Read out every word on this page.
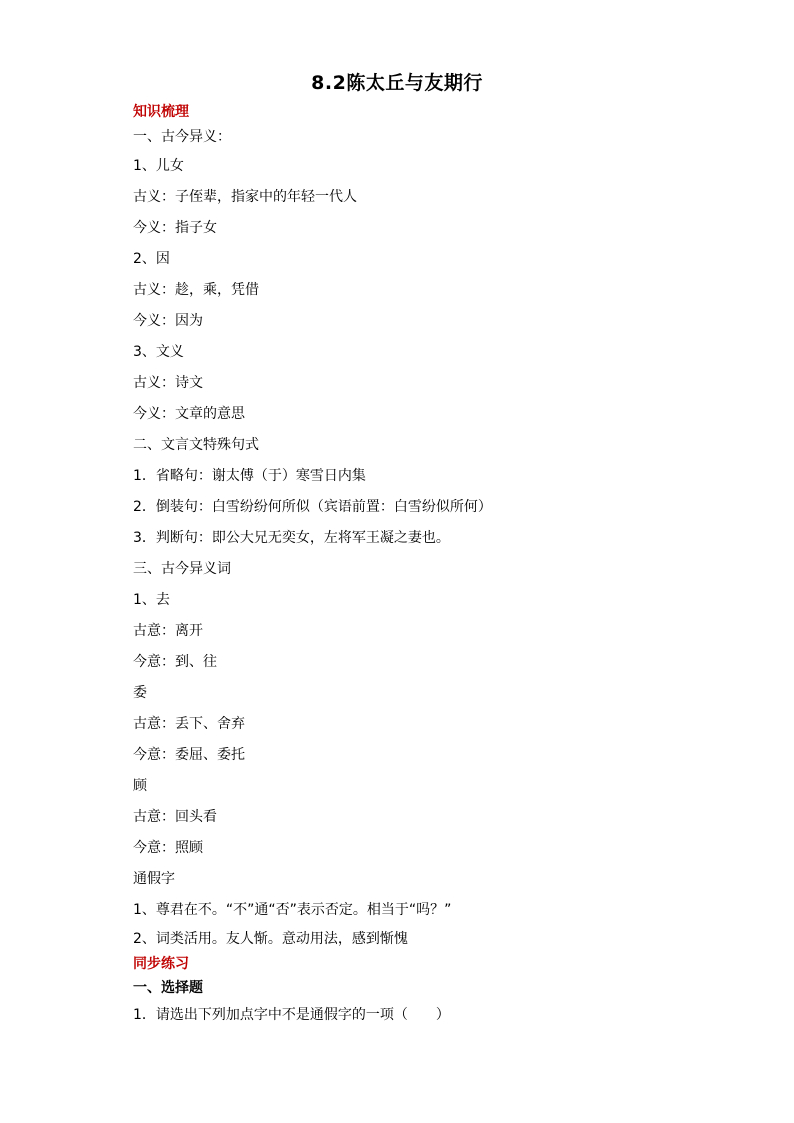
8.2陈太丘与友期行
知识梳理
一、古今异义：
1、儿女
古义：子侄辈，指家中的年轻一代人
今义：指子女
2、因
古义：趁，乘，凭借
今义：因为
3、文义
古义：诗文
今义：文章的意思
二、文言文特殊句式
1．省略句：谢太傅（于）寒雪日内集
2．倒装句：白雪纷纷何所似（宾语前置：白雪纷似所何）
3．判断句：即公大兄无奕女，左将军王凝之妻也。
三、古今异义词
1、去
古意：离开
今意：到、往
委
古意：丢下、舍弃
今意：委屈、委托
顾
古意：回头看
今意：照顾
通假字
1、尊君在不。“不”通“否”表示否定。相当于“吗？”
2、词类活用。友人惭。意动用法，感到惭愧
同步练习
一、选择题
1．请选出下列加点字中不是通假字的一项（　　）
